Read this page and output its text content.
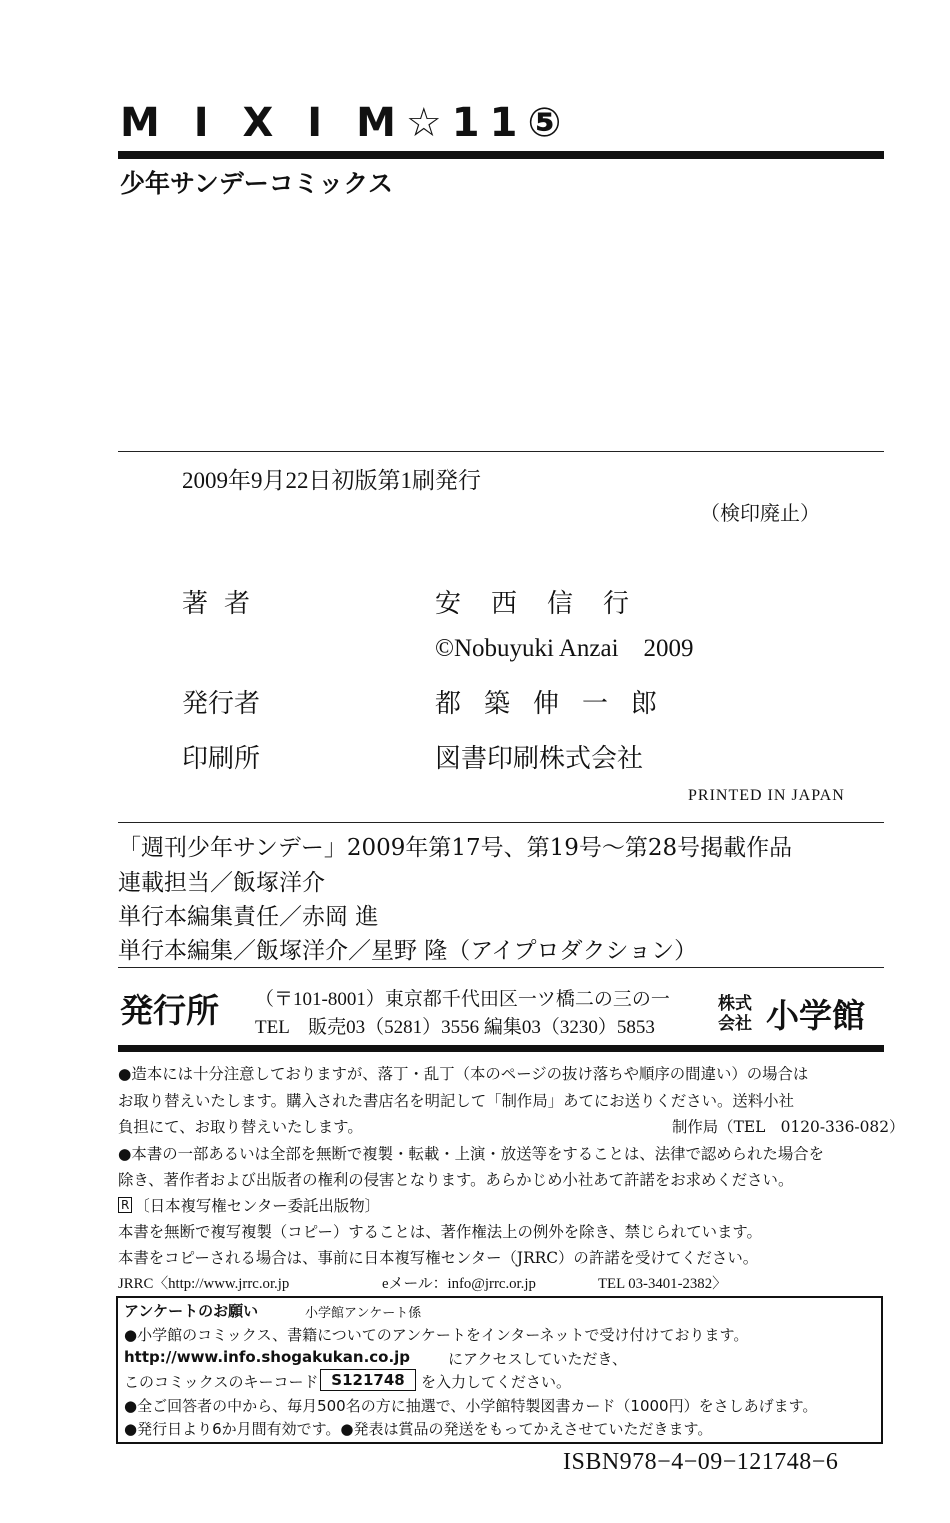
M I X I M☆11⑤
少年サンデーコミックス
2009年9月22日初版第1刷発行
（検印廃止）
著者	安西信行
©Nobuyuki Anzai　2009
発行者	都築伸一郎
印刷所	図書印刷株式会社
PRINTED IN JAPAN
「週刊少年サンデー」2009年第17号、第19号〜第28号掲載作品
連載担当／飯塚洋介
単行本編集責任／赤岡 進
単行本編集／飯塚洋介／星野 隆（アイプロダクション）
発行所 （〒101-8001）東京都千代田区一ツ橋二の三の一
TEL　販売03（5281）3556 編集03（3230）5853
株式
会社 小学館
●造本には十分注意しておりますが、落丁・乱丁（本のページの抜け落ちや順序の間違い）の場合は
お取り替えいたします。購入された書店名を明記して「制作局」あてにお送りください。送料小社
負担にて、お取り替えいたします。	制作局（TEL　0120-336-082）
●本書の一部あるいは全部を無断で複製・転載・上演・放送等をすることは、法律で認められた場合を
除き、著作者および出版者の権利の侵害となります。あらかじめ小社あて許諾をお求めください。
R 〔日本複写権センター委託出版物〕
本書を無断で複写複製（コピー）することは、著作権法上の例外を除き、禁じられています。
本書をコピーされる場合は、事前に日本複写権センター（JRRC）の許諾を受けてください。
JRRC〈http://www.jrrc.or.jp	eメール：info@jrrc.or.jp	TEL 03-3401-2382〉
アンケートのお願い	小学館アンケート係
●小学館のコミックス、書籍についてのアンケートをインターネットで受け付けております。
http://www.info.shogakukan.co.jp	にアクセスしていただき、
このコミックスのキーコード S121748	を入力してください。
●全ご回答者の中から、毎月500名の方に抽選で、小学館特製図書カード（1000円）をさしあげます。
●発行日より6か月間有効です。●発表は賞品の発送をもってかえさせていただきます。
ISBN978−4−09−121748−6
